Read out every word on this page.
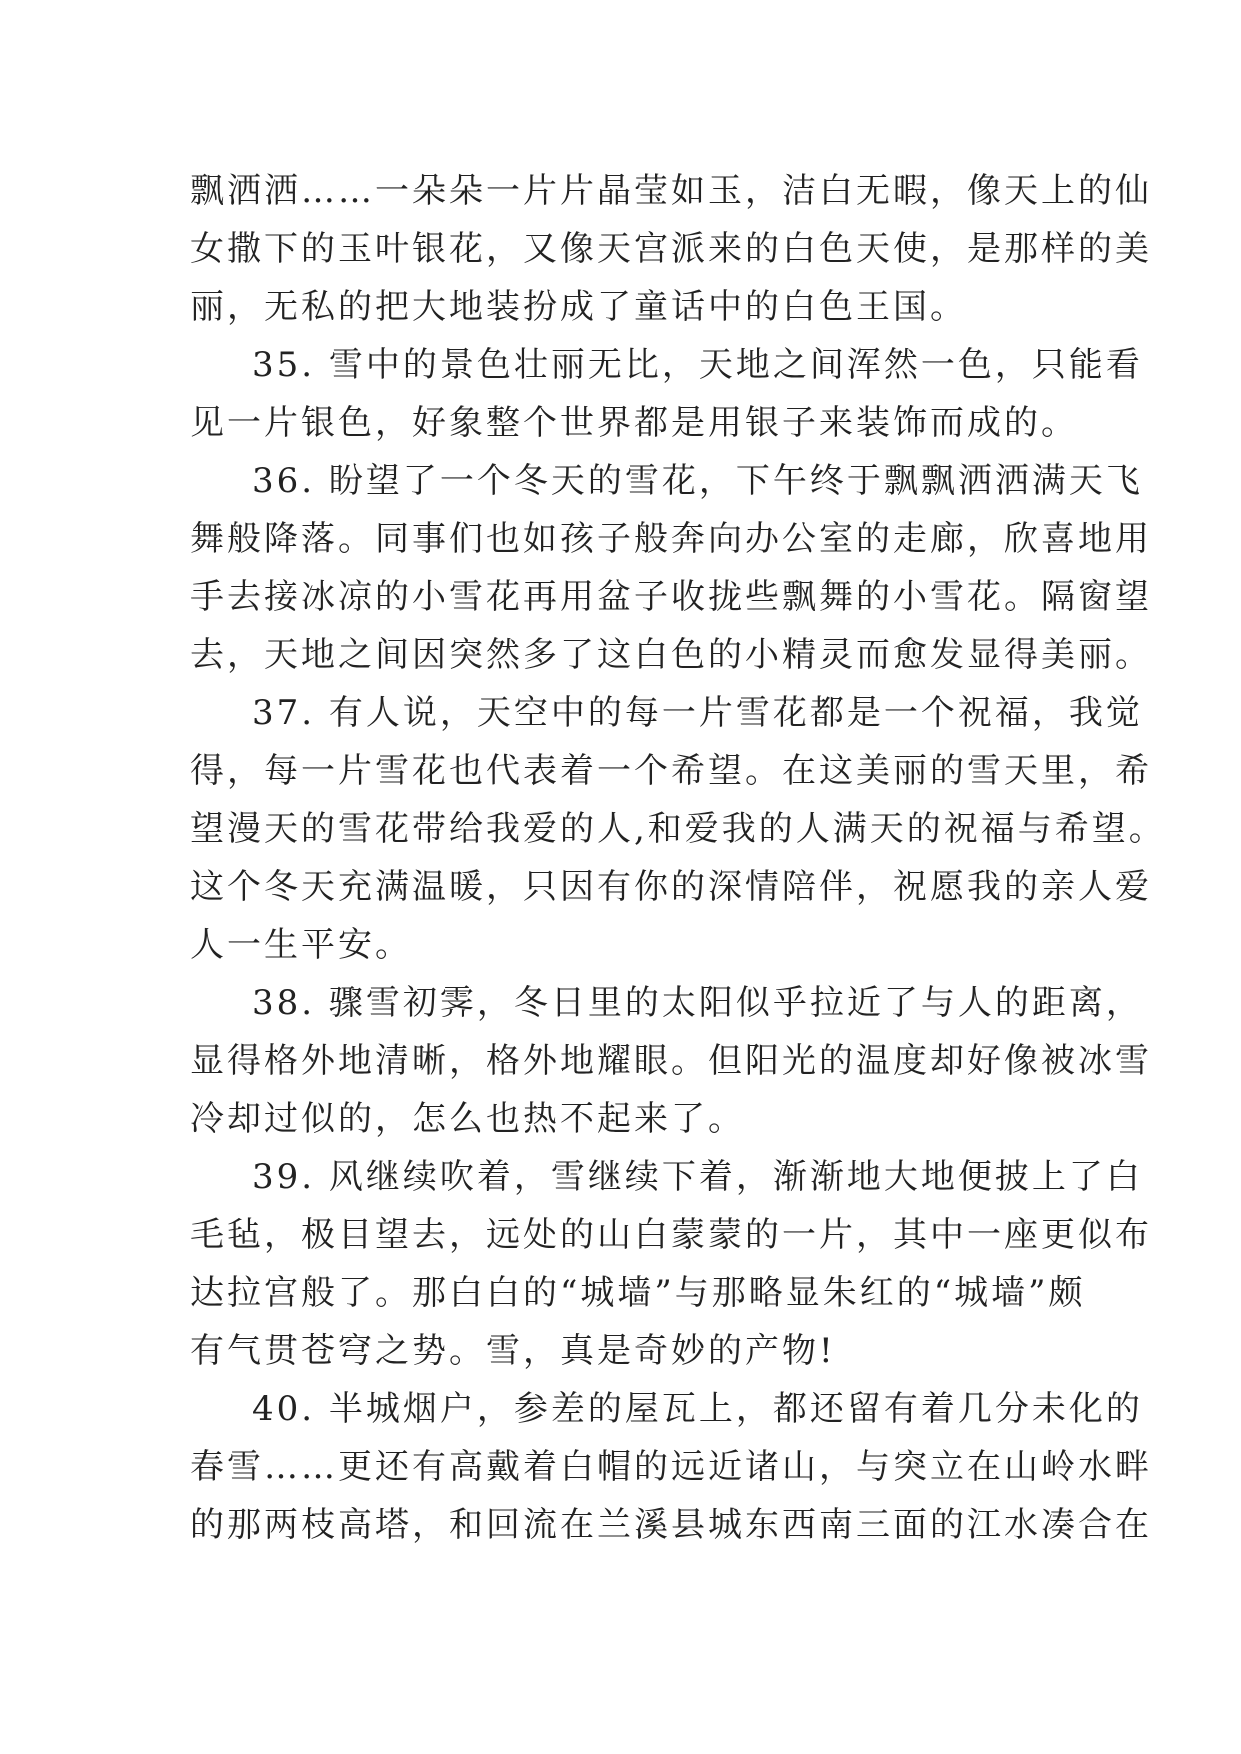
飘洒洒……一朵朵一片片晶莹如玉，洁白无暇，像天上的仙
女撒下的玉叶银花，又像天宫派来的白色天使，是那样的美
丽，无私的把大地装扮成了童话中的白色王国。
35. 雪中的景色壮丽无比，天地之间浑然一色，只能看
见一片银色，好象整个世界都是用银子来装饰而成的。
36. 盼望了一个冬天的雪花，下午终于飘飘洒洒满天飞
舞般降落。同事们也如孩子般奔向办公室的走廊，欣喜地用
手去接冰凉的小雪花再用盆子收拢些飘舞的小雪花。隔窗望
去，天地之间因突然多了这白色的小精灵而愈发显得美丽。
37. 有人说，天空中的每一片雪花都是一个祝福，我觉
得，每一片雪花也代表着一个希望。在这美丽的雪天里，希
望漫天的雪花带给我爱的人,和爱我的人满天的祝福与希望。
这个冬天充满温暖，只因有你的深情陪伴，祝愿我的亲人爱
人一生平安。
38. 骤雪初霁，冬日里的太阳似乎拉近了与人的距离，
显得格外地清晰，格外地耀眼。但阳光的温度却好像被冰雪
冷却过似的，怎么也热不起来了。
39. 风继续吹着，雪继续下着，渐渐地大地便披上了白
毛毡，极目望去，远处的山白蒙蒙的一片，其中一座更似布
达拉宫般了。那白白的“城墙”与那略显朱红的“城墙”颇
有气贯苍穹之势。雪，真是奇妙的产物!
40. 半城烟户，参差的屋瓦上，都还留有着几分未化的
春雪……更还有高戴着白帽的远近诸山，与突立在山岭水畔
的那两枝高塔，和回流在兰溪县城东西南三面的江水凑合在
